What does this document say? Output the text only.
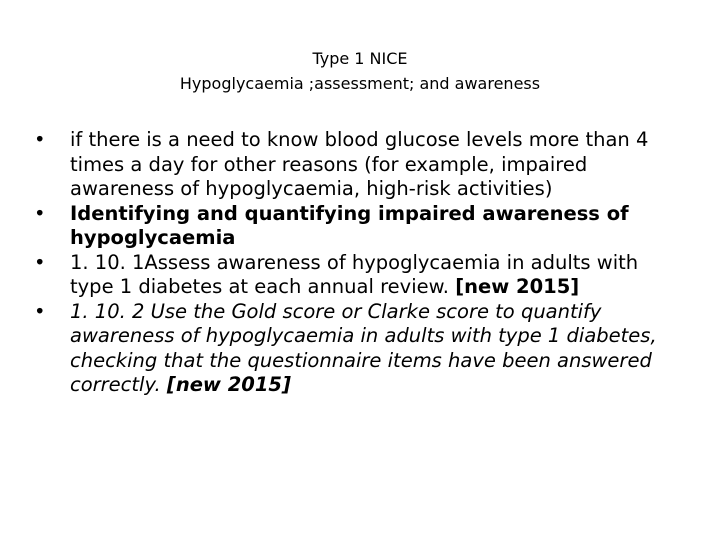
Type 1 NICE
Hypoglycaemia ;assessment; and awareness
•	if there is a need to know blood glucose levels more than 4 times a day for other reasons (for example, impaired awareness of hypoglycaemia, high‑risk activities)
•	Identifying and quantifying impaired awareness of hypoglycaemia
•	1. 10. 1Assess awareness of hypoglycaemia in adults with type 1 diabetes at each annual review. [new 2015]
•	1. 10. 2 Use the Gold score or Clarke score to quantify awareness of hypoglycaemia in adults with type 1 diabetes, checking that the questionnaire items have been answered correctly. [new 2015]
